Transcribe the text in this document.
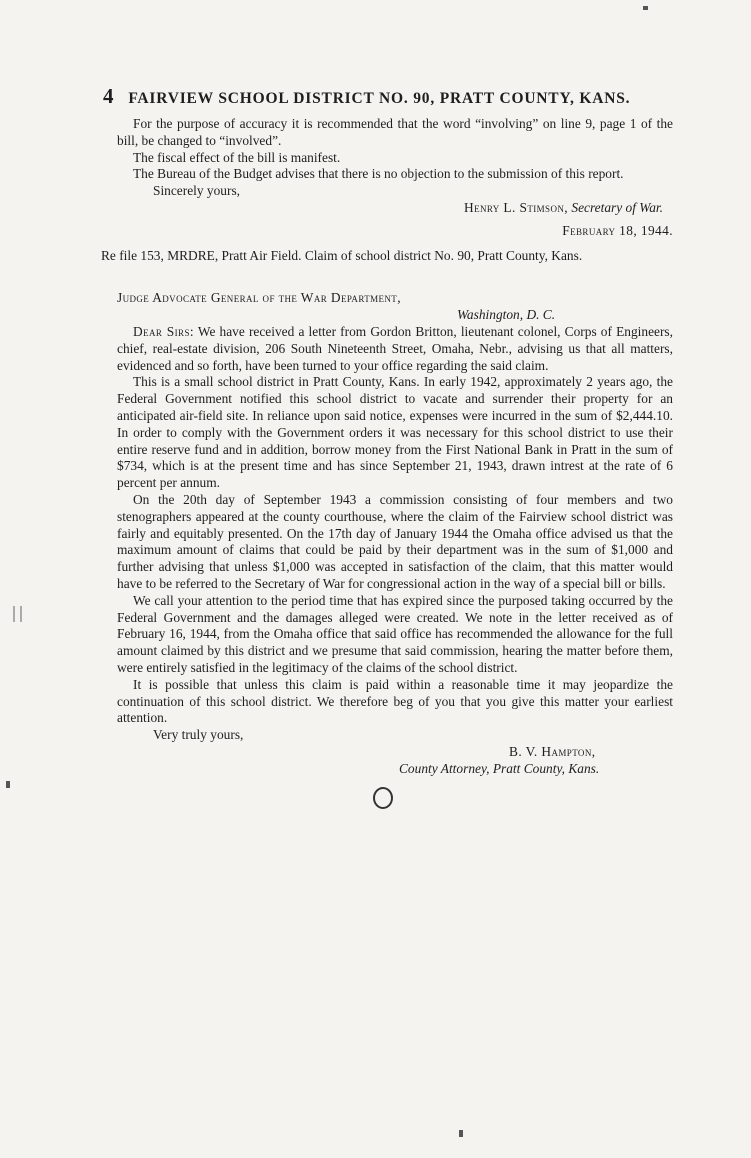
4 FAIRVIEW SCHOOL DISTRICT NO. 90, PRATT COUNTY, KANS.

For the purpose of accuracy it is recommended that the word “involving” on line 9, page 1 of the bill, be changed to “involved”.

The fiscal effect of the bill is manifest.

The Bureau of the Budget advises that there is no objection to the submission of this report.

Sincerely yours,

Henry L. Stimson, Secretary of War.

February 18, 1944.

Re file 153, MRDRE, Pratt Air Field. Claim of school district No. 90, Pratt County, Kans.

Judge Advocate General of the War Department,

Washington, D. C.

Dear Sirs: We have received a letter from Gordon Britton, lieutenant colonel, Corps of Engineers, chief, real-estate division, 206 South Nineteenth Street, Omaha, Nebr., advising us that all matters, evidenced and so forth, have been turned to your office regarding the said claim.

This is a small school district in Pratt County, Kans. In early 1942, approximately 2 years ago, the Federal Government notified this school district to vacate and surrender their property for an anticipated air-field site. In reliance upon said notice, expenses were incurred in the sum of $2,444.10. In order to comply with the Government orders it was necessary for this school district to use their entire reserve fund and in addition, borrow money from the First National Bank in Pratt in the sum of $734, which is at the present time and has since September 21, 1943, drawn intrest at the rate of 6 percent per annum.

On the 20th day of September 1943 a commission consisting of four members and two stenographers appeared at the county courthouse, where the claim of the Fairview school district was fairly and equitably presented. On the 17th day of January 1944 the Omaha office advised us that the maximum amount of claims that could be paid by their department was in the sum of $1,000 and further advising that unless $1,000 was accepted in satisfaction of the claim, that this matter would have to be referred to the Secretary of War for congressional action in the way of a special bill or bills.

We call your attention to the period time that has expired since the purposed taking occurred by the Federal Government and the damages alleged were created. We note in the letter received as of February 16, 1944, from the Omaha office that said office has recommended the allowance for the full amount claimed by this district and we presume that said commission, hearing the matter before them, were entirely satisfied in the legitimacy of the claims of the school district.

It is possible that unless this claim is paid within a reasonable time it may jeopardize the continuation of this school district. We therefore beg of you that you give this matter your earliest attention.

Very truly yours,

B. V. Hampton,

County Attorney, Pratt County, Kans.
